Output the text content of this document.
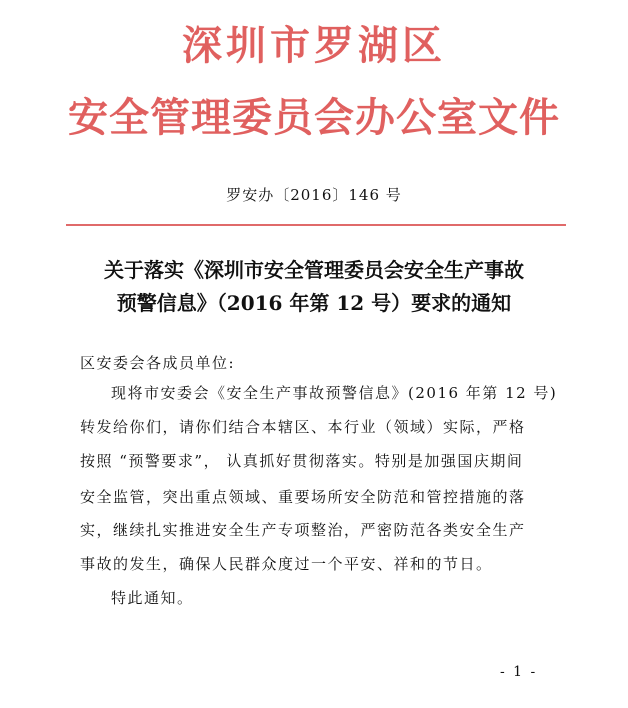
深圳市罗湖区
安全管理委员会办公室文件
罗安办〔2016〕146 号
关于落实《深圳市安全管理委员会安全生产事故
预警信息》（2016 年第 12 号）要求的通知
区安委会各成员单位:
现将市安委会《安全生产事故预警信息》(2016 年第 12 号)
转发给你们，请你们结合本辖区、本行业（领域）实际，严格
按照 “预警要求”， 认真抓好贯彻落实。特别是加强国庆期间
安全监管，突出重点领域、重要场所安全防范和管控措施的落
实，继续扎实推进安全生产专项整治，严密防范各类安全生产
事故的发生，确保人民群众度过一个平安、祥和的节日。
特此通知。
- 1 -
